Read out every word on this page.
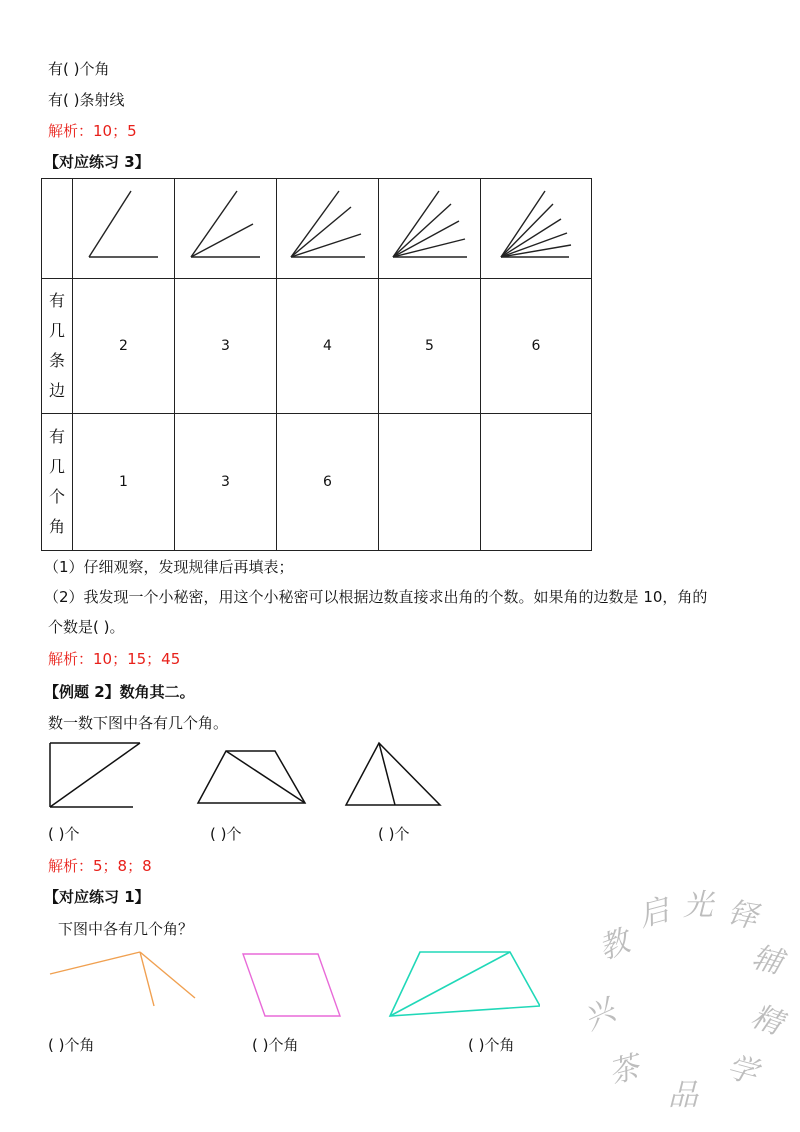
有( )个角
有( )条射线
解析：10；5
【对应练习 3】

有
几
条
边	2	3	4	5	6

有
几
个
角	1	3	6		
（1）仔细观察，发现规律后再填表；
（2）我发现一个小秘密，用这个小秘密可以根据边数直接求出角的个数。如果角的边数是 10，角的
个数是( )。
解析：10；15；45
【例题 2】数角其二。
数一数下图中各有几个角。
( )个	( )个	( )个
解析：5；8；8
【对应练习 1】
下图中各有几个角？
( )个角	( )个角	( )个角
启 光 铎
教	辅
兴	精
茶
品
学
